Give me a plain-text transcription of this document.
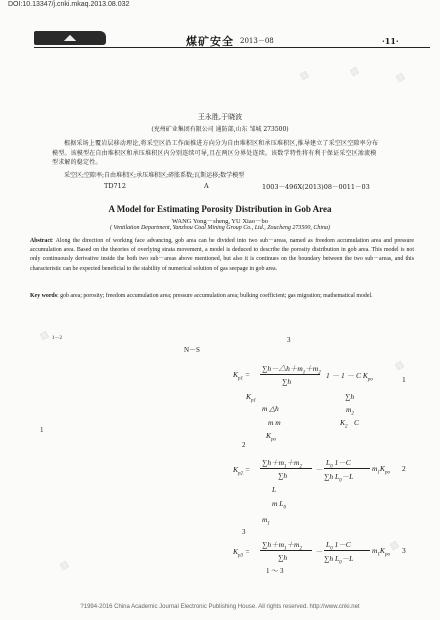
DOI:10.13347/j.cnki.mkaq.2013.08.032
◢◣	煤矿安全 2013－08	·11·
▨	▨	▨
▨
▨
▨
▨
王永胜,于晓波
(兖州矿业集团有限公司 通防部,山东 邹城 273500)
根据采场上覆岩层移动理论,将采空区沿工作面推进方向分为自由堆积区和承压堆积区,推导建立了采空区空隙率分布模型。该模型在自由堆积区和承压堆积区内分别连续可导,且在两区分界处连续。该数学特性将有利于保证采空区渗流模型求解的稳定性。
采空区;空隙率;自由堆积区;承压堆积区;碎胀系数;瓦斯运移;数学模型
TD712	A	1003－496X(2013)08－0011－03
A Model for Estimating Porosity Distribution in Gob Area
WANG Yong－sheng, YU Xiao－bo
( Ventilation Department, Yanzhou Coal Mining Group Co., Ltd., Zoucheng 273500, China)
Abstract: Along the direction of working face advancing, gob area can be divided into two sub－areas, named as freedom accumulation area and pressure accumulation area. Based on the theories of overlying strata movement, a model is deduced to describe the porosity distribution in gob area. This model is not only continuously derivative inside the both two sub－areas above mentioned, but also it is continues on the boundary between the two sub－areas, and this characteristic can be expected beneficial to the stability of numerical solution of gas seepage in gob area.
Key words: gob area; porosity; freedom accumulation area; pressure accumulation area; bulking coefficient; gas migration; mathematical model.
1－2
N－S
1
3
$K_{p1}$ =
$\sum h-\triangle h+m_1+m_2$
∑h
1 － 1 － C $K_{po}$	1
$K_{p1}$	∑h
m △h
m m	$K_2$
$m_2$
C
$K_{po}$
2
$K_{p2}$ =
$\sum h+m_1+m_2$
∑h
－
$L_0$ 1－C
∑h $L_0-L$
$m_1K_{po}$ 2
L
m $L_0$
$m_1$
3
$K_{p3}$ =
$\sum h+m_1+m_2$
∑h
－
$L_0$ 1－C
∑h $L_0-L$
$m_1K_{po}$ 3
1 ～ 3
?1994-2016 China Academic Journal Electronic Publishing House. All rights reserved. http://www.cnki.net
